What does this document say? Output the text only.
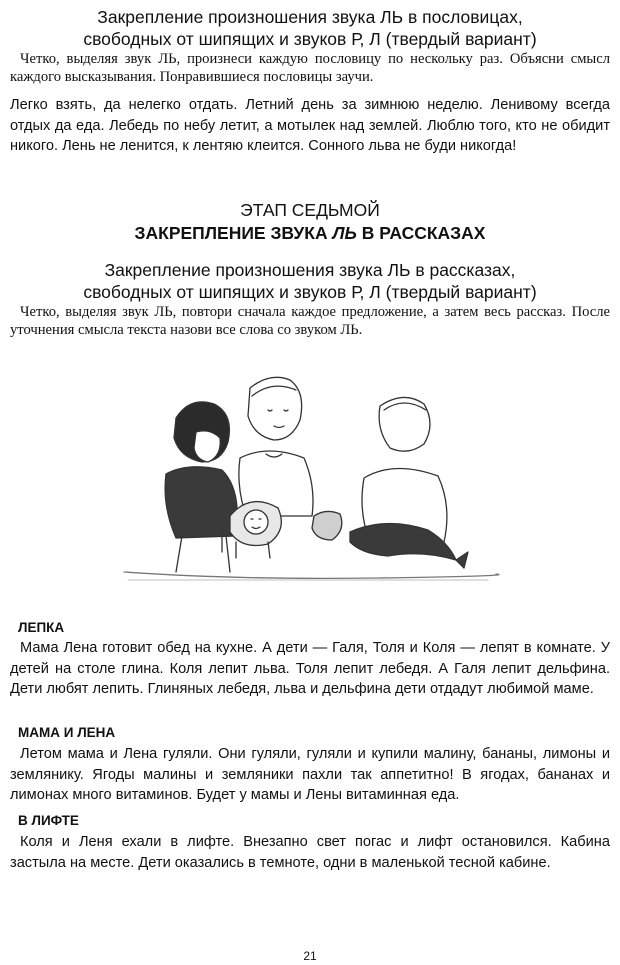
Закрепление произношения звука ЛЬ в пословицах,
свободных от шипящих и звуков Р, Л (твердый вариант)
Четко, выделяя звук ЛЬ, произнеси каждую пословицу по нескольку раз. Объясни смысл каждого высказывания. Понравившиеся пословицы заучи.
Легко взять, да нелегко отдать. Летний день за зимнюю неделю. Ленивому всегда отдых да еда. Лебедь по небу летит, а мотылек над землей. Люблю того, кто не обидит никого. Лень не ленится, к лентяю клеится. Сонного льва не буди никогда!
ЭТАП СЕДЬМОЙ
ЗАКРЕПЛЕНИЕ ЗВУКА ЛЬ В РАССКАЗАХ
Закрепление произношения звука ЛЬ в рассказах,
свободных от шипящих и звуков Р, Л (твердый вариант)
Четко, выделяя звук ЛЬ, повтори сначала каждое предложение, а затем весь рассказ. После уточнения смысла текста назови все слова со звуком ЛЬ.
ЛЕПКА
Мама Лена готовит обед на кухне. А дети — Галя, Толя и Коля — лепят в комнате. У детей на столе глина. Коля лепит льва. Толя лепит лебедя. А Галя лепит дельфина. Дети любят лепить. Глиняных лебедя, льва и дельфина дети отдадут любимой маме.
МАМА И ЛЕНА
Летом мама и Лена гуляли. Они гуляли, гуляли и купили малину, бананы, лимоны и землянику. Ягоды малины и земляники пахли так аппетитно! В ягодах, бананах и лимонах много витаминов. Будет у мамы и Лены витаминная еда.
В ЛИФТЕ
Коля и Леня ехали в лифте. Внезапно свет погас и лифт остановился. Кабина застыла на месте. Дети оказались в темноте, одни в маленькой тесной кабине.
21
